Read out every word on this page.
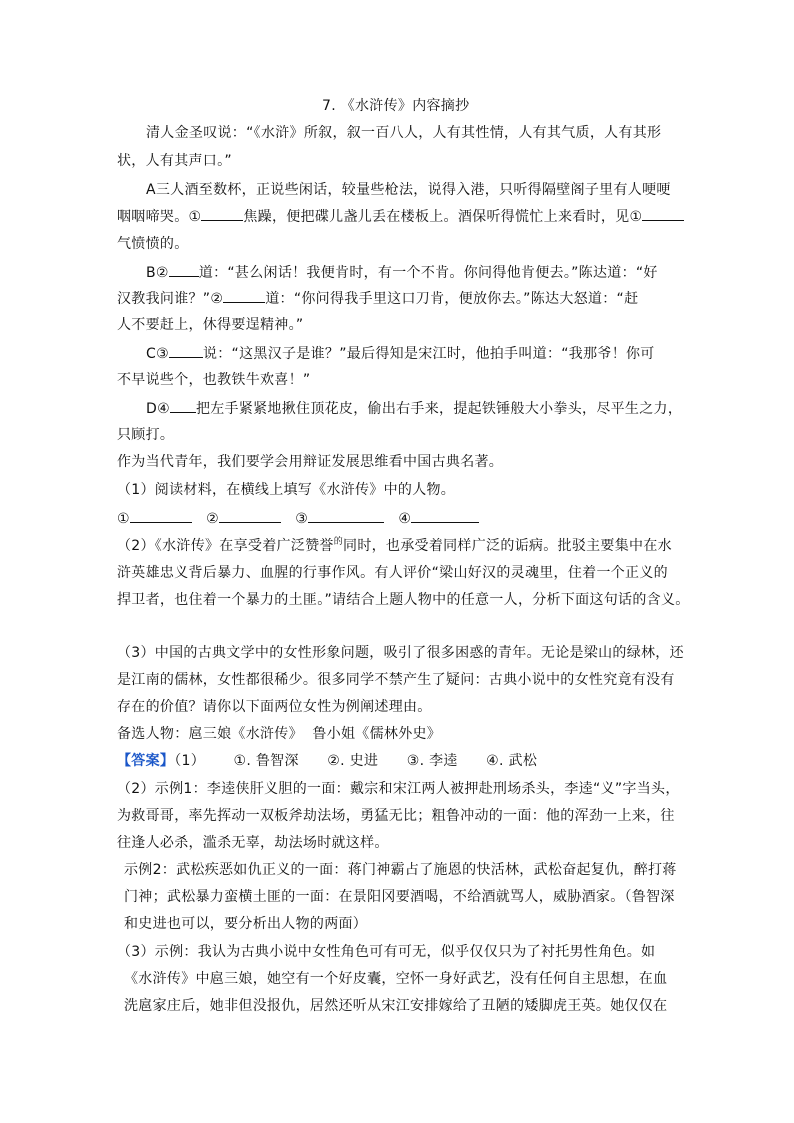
7. 《水浒传》内容摘抄
清人金圣叹说：“《水浒》所叙，叙一百八人，人有其性情，人有其气质，人有其形
状，人有其声口。”
A三人酒至数杯，正说些闲话，较量些枪法，说得入港，只听得隔壁阁子里有人哽哽
咽咽啼哭。①	焦躁，便把碟儿盏儿丢在楼板上。酒保听得慌忙上来看时，见①
气愤愤的。
B② 道：“甚么闲话！我便肯时，有一个不肯。你问得他肯便去。”陈达道：“好
汉教我问谁？”②	道：“你问得我手里这口刀肯，便放你去。”陈达大怒道：“赶
人不要赶上，休得要逞精神。”
C③ 说：“这黑汉子是谁？”最后得知是宋江时，他拍手叫道：“我那爷！你可
不早说些个，也教铁牛欢喜！”
D④ 把左手紧紧地揪住顶花皮，偷出右手来，提起铁锤般大小拳头，尽平生之力，
只顾打。
作为当代青年，我们要学会用辩证发展思维看中国古典名著。
（1）阅读材料，在横线上填写《水浒传》中的人物。
①	②	③	④
（2）《水浒传》在享受着广泛赞誉$^的$同时，也承受着同样广泛的诟病。批驳主要集中在水
浒英雄忠义背后暴力、血腥的行事作风。有人评价“梁山好汉的灵魂里，住着一个正义的
捍卫者，也住着一个暴力的土匪。”请结合上题人物中的任意一人，分析下面这句话的含义。
（3）中国的古典文学中的女性形象问题，吸引了很多困惑的青年。无论是梁山的绿林，还
是江南的儒林，女性都很稀少。很多同学不禁产生了疑问：古典小说中的女性究竟有没有
存在的价值？请你以下面两位女性为例阐述理由。
备选人物：扈三娘《水浒传》  鲁小姐《儒林外史》
【答案】（1）      ①. 鲁智深      ②. 史进      ③. 李逵      ④. 武松
（2）示例1：李逵侠肝义胆的一面：戴宗和宋江两人被押赴刑场杀头，李逵“义”字当头，
为救哥哥，率先挥动一双板斧劫法场，勇猛无比；粗鲁冲动的一面：他的浑劲一上来，往
往逢人必杀，滥杀无辜，劫法场时就这样。
示例2：武松疾恶如仇正义的一面：蒋门神霸占了施恩的快活林，武松奋起复仇，醉打蒋
门神；武松暴力蛮横土匪的一面：在景阳冈要酒喝，不给酒就骂人，威胁酒家。（鲁智深
和史进也可以，要分析出人物的两面）
（3）示例：我认为古典小说中女性角色可有可无，似乎仅仅只为了衬托男性角色。如
《水浒传》中扈三娘，她空有一个好皮囊，空怀一身好武艺，没有任何自主思想，在血
洗扈家庄后，她非但没报仇，居然还听从宋江安排嫁给了丑陋的矮脚虎王英。她仅仅在
